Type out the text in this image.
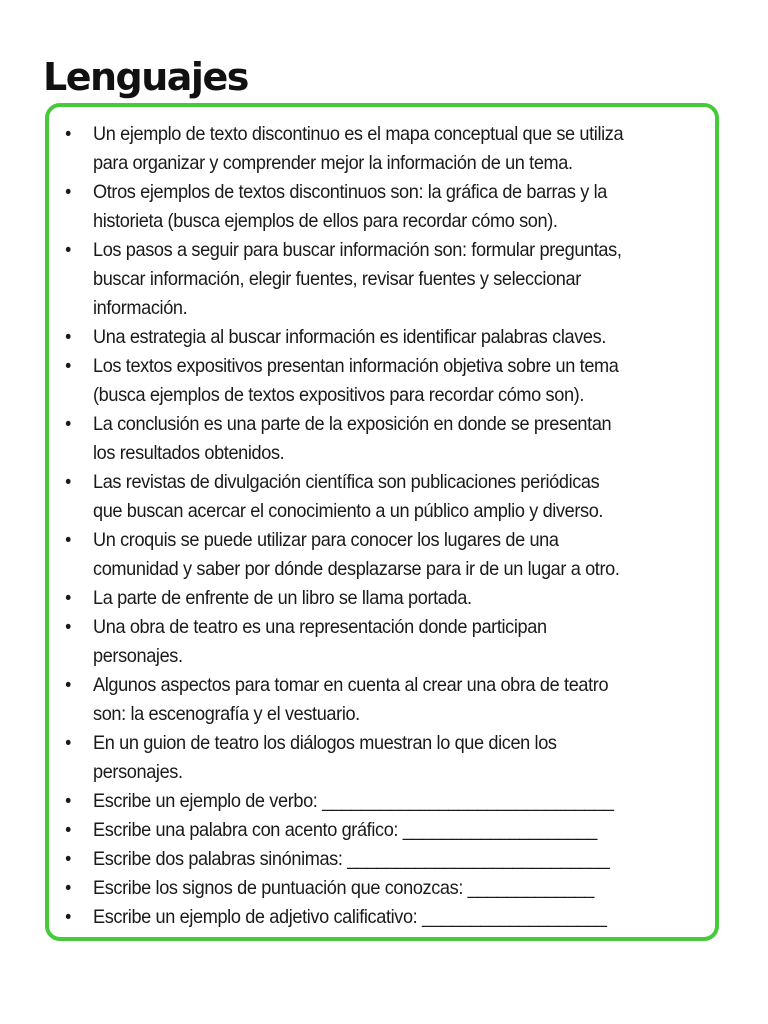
Lenguajes
• Un ejemplo de texto discontinuo es el mapa conceptual que se utiliza
para organizar y comprender mejor la información de un tema.
• Otros ejemplos de textos discontinuos son: la gráfica de barras y la
historieta (busca ejemplos de ellos para recordar cómo son).
• Los pasos a seguir para buscar información son: formular preguntas,
buscar información, elegir fuentes, revisar fuentes y seleccionar
información.
• Una estrategia al buscar información es identificar palabras claves.
• Los textos expositivos presentan información objetiva sobre un tema
(busca ejemplos de textos expositivos para recordar cómo son).
• La conclusión es una parte de la exposición en donde se presentan
los resultados obtenidos.
• Las revistas de divulgación científica son publicaciones periódicas
que buscan acercar el conocimiento a un público amplio y diverso.
• Un croquis se puede utilizar para conocer los lugares de una
comunidad y saber por dónde desplazarse para ir de un lugar a otro.
• La parte de enfrente de un libro se llama portada.
• Una obra de teatro es una representación donde participan
personajes.
• Algunos aspectos para tomar en cuenta al crear una obra de teatro
son: la escenografía y el vestuario.
• En un guion de teatro los diálogos muestran lo que dicen los
personajes.
• Escribe un ejemplo de verbo: ______________________________
• Escribe una palabra con acento gráfico: ____________________
• Escribe dos palabras sinónimas: ___________________________
• Escribe los signos de puntuación que conozcas: _____________
• Escribe un ejemplo de adjetivo calificativo: ___________________
